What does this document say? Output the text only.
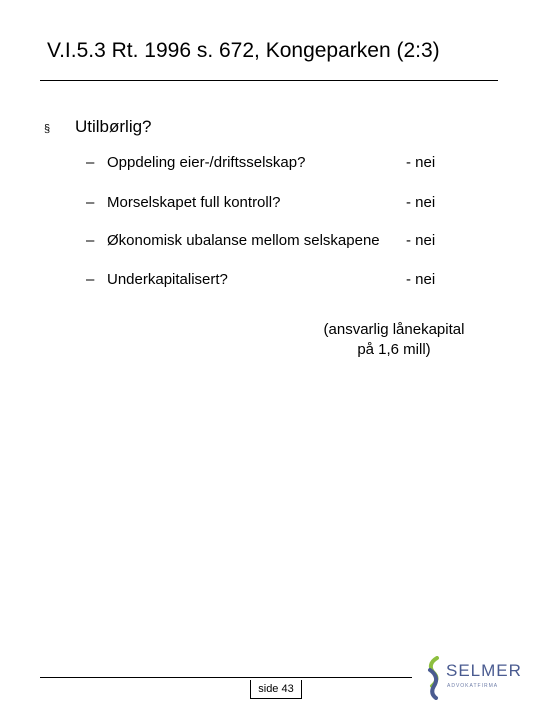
V.I.5.3 Rt. 1996 s. 672, Kongeparken (2:3)
§ Utilbørlig?
– Oppdeling eier-/driftsselskap?	- nei
– Morselskapet full kontroll?	- nei
– Økonomisk ubalanse mellom selskapene - nei
– Underkapitalisert?	- nei
(ansvarlig lånekapital
på 1,6 mill)
side 43
SELMER
ADVOKATFIRMA
